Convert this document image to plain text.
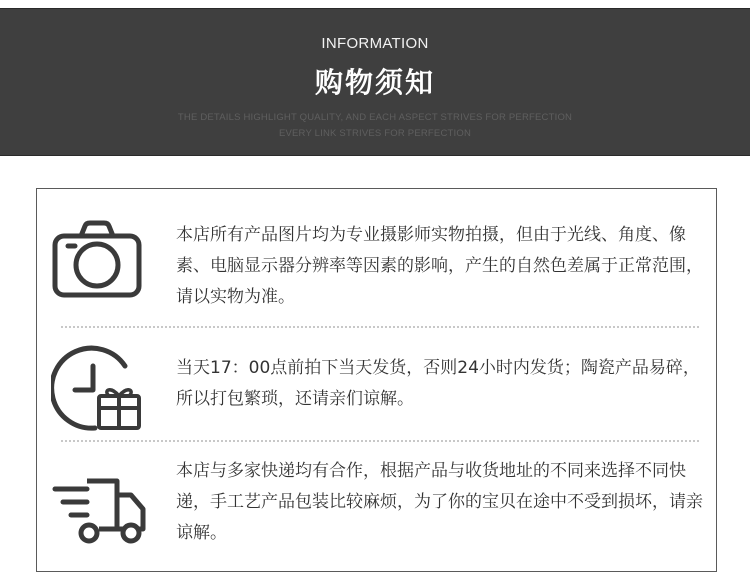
INFORMATION
购物须知
THE DETAILS HIGHLIGHT QUALITY, AND EACH ASPECT STRIVES FOR PERFECTION
EVERY LINK STRIVES FOR PERFECTION
本店所有产品图片均为专业摄影师实物拍摄，但由于光线、角度、像素、电脑显示器分辨率等因素的影响，产生的自然色差属于正常范围，请以实物为准。
当天17：00点前拍下当天发货，否则24小时内发货；陶瓷产品易碎，所以打包繁琐，还请亲们谅解。
本店与多家快递均有合作，根据产品与收货地址的不同来选择不同快递，手工艺产品包装比较麻烦，为了你的宝贝在途中不受到损坏，请亲谅解。
